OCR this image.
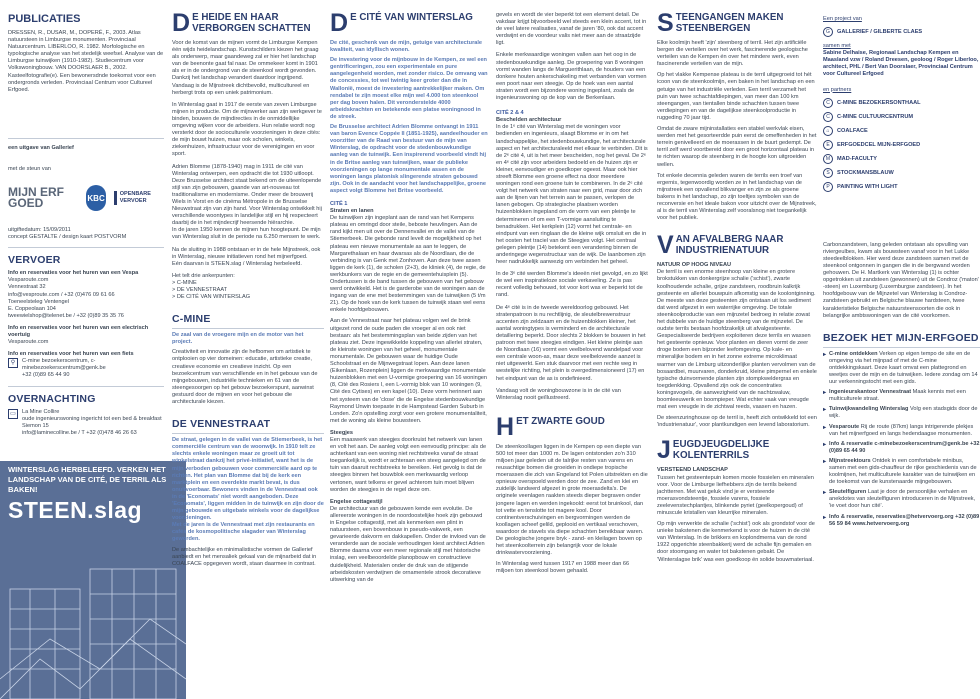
PUBLICATIES

DRESSEN, R., DUSAR, M., DOPERÉ, F., 2003. Atlas natuursteen in Limburgse monumenten. Provinciaal Natuurcentrum. LIBERLOO, R. 1982. Morfologische en typologische analyse van het stedelijk weefsel. Analyse van de Limburgse tuinwijken (1910-1982). Studiecentrum voor Volkswoningbouw. VAN DOORSLAER B., 2002. Kasteelfotografie(e). Een bewonersdnde toekomst voor een ondergronds verleden. Provinciaal Centrum voor Cultureel Erfgoed.

een uitgave van Gallerief

met de steun van

MIJN ERF GOED	KBC	OPENBARE VERVOER

uitgiftedatum: 15/09/2011

concept GESTALTE / design kaart POSTVORM

VERVOER

Info en reservaties voor het huren van een Vespa

Vesparoute.com
Vennestraat 32
info@vesproute.com / +32 (0)476 09 61 66

Toeneelsteleg Ventengel
E. Coppeolaan 104
tweewielshop@telenet.be / +32 (0)89 35 35 76

Info en reservaties voor het huren van een electrisch voertuig

Vesparoute.com

Info en reservaties voor het huren van een fiets

⚲	C-mine bezoekerscentrum, c-minebezoekerscentrum@genk.be
+32 (0)89 65 44 90

OVERNACHTING
▭	La Mine Collire
oude ingenieurswoning ingericht tot een bed & breakfast
Siemon 15
info@laminecolline.be / T +32 (0)478 46 26 63

WINTERSLAG HERBELEEFD. VERKEN HET LANDSCHAP VAN DE CITÉ, DE TERRIL ALS BAKEN!
STEEN.slag
D E HEIDE EN HAAR VERBORGEN SCHATTEN

Voor de komst van de mijnen vormt de Limburgse Kempen één wijds heidelandschap. Kunstschilders kiezen het graag als onderwerp, maar gaandeweg zal er hier het landschap van de beenonte gaat fal naar. De ommekeer komt in 1901 als er in de ondergrond van de steenkool wordt gevonden. Dankzij het landschap verandert daardoor ingrijpend. Vandaag is de Mijnstreek dichtbevolkt, multicultureel en herbergt trots op een uniek patrimonium.

In Winterslag gaat in 1917 de eerste van zeven Limburgse mijnen in productie. Om de mijnwerker aan zijn werkgever te binden, bouwen de mijndirecties in de onmiddellijke omgeving wijken voor de arbeiders. Hun relatie wordt nog versterkt door de socioculturele voorzieningen in deze cités: de mijn bouwt huizen, maar ook scholen, winkels, ziekenhuizen, infrastructuur voor de verenigingen en voor sport.

Adrien Blomme (1878-1940) mag in 1911 de cité van Winterslag ontwerpen, een opdracht die tot 1930 uitloopt. Deze Brusselse architect staat bekend om de uiteenlopende stijl van zijn gebouwen, gaande van art-nouveau tot traditionalisme en modernisme. Onder meer de brouwerij Wiels in Vorst en de cinéma Métropole in de Brusselse Nieuwstraat zijn van zijn hand. Voor Winterslag ontwikkelt hij verschillende woontypes in landelijke stijl en hij respecteert daarbij de in het mijndecrijf heersende hiërarchie.

In de jaren 1950 kennen de mijnen hun hoogtepunt. De mijn van Winterslag sluit in de periode na 6.250 mensen te werk.

Na de sluiting in 1988 ontstaan er in de hele Mijnstreek, ook in Winterslag, nieuwe initiatieven rond het mijnerfgoed.

Eén daarvan is STEEN.slag / Winterslag herbeleefd.

Het telt drie ankerpunten:

> C-MINE
> DE VENNESTRAAT
> DE CITÉ VAN WINTERSLAG
C-MINE

De zaal van de vroegere mijn en de motor van het project.

Creativiteit en innovatie zijn de hefbomen om artistiek te ontplooien op vier domeinen: educatie, artistieke creatie, creatieve economie en creatieve inzicht. Op een bezoekcentrum van verschillende en in het gebouw van de mijngebouwen, industriële technieken en 61 van de steengesoorgen op het gebouw bezoekerspunt, aanwinst gestuurd door de mijnen en voor het gebouw die architecturale kiezen.

DE VENNESTRAAT

De straat, gelegen in de vallei van de Stiemerbeek, is het commerciële centrum van de woonwijk. In 1910 telt ze slechts enkele woningen maar ze groeit uit tot winkelstraat dankzij het privé-initiatief, want het is de mijn verboden gebouwen voor commerciële aard op te richten. Het plan van Blomme dat bij de kerk een marktplein en een overdekte markt bevat, is dus onuitvoerbaar. Bewoners vinden in de Vennestraat ook in de 'Economats' niet wordt aangeboden. Deze 'Economats', liggen midden in de tuinwijk en zijn door de mijn gebouwde en uitgebate winkels voor de dagelijkse voorzieningen.

Met de jaren is de Vennestraat met zijn restaurants en cafés de kosmopolitische slagader van Winterslag geworden.

De ambachtelijke en minimalistische vormen de Gallerief aanbiedt en het mensaliek gekaal van de mijnarbeid dat in COALFACE opgegeven wordt, staan daarmee in contrast.

D E CITÉ VAN WINTERSLAG

De cité, geschenk van de mijn, getuige van architecturale kwaliteit, van idyllisch wonen.

De investering voor de mijnbouw in de Kempen, ze wel een gentrificeringen, zou een experimentale en pure aangelegenheid worden, met zonder risico. De omvang van de concessies, tot wel twintig keer groter dan die in Wallonië, moest de investering aantrekkelijker maken. Om rendabel te zijn moest elke mijn wel 4.000 ton steenkool per dag boven halen. Dit veronderstelde 4000 arbeidskrachten en betekende een platse woningnood in de streek.

De Brusselse architect Adrien Blomme ontvangt in 1911 van baron Evence Coppée II (1851-1925), aandeelhouder en voorzitter van de Raad van bestuur van de mijn van Winterslag, de opdracht voor de stedenbouwkundige aanleg van de tuinwijk. Een inspirerend voorbeeld vindt hij in de Britse aanleg van tuinwijken, waar de publieke voorzieningen op lange monumentale assen en de woningen langs platonisk slingerende straten gebouwd zijn. Ook in de aandacht voor het landschappelijke, groene aspect volgt Blomme het Britse voorbeeld.

CITÉ 1

Straten en lanen

De tuinwijken zijn ingeplant aan de rand van het Kempens plateau en omringd door steile, beboste heuvlingen. Aan de rand kijkt men uit over de Dennenvallei en de vallei van de Stiemerbeek. Die gebonde rand levelt de mogelijkheid op het plateau een nieuwe monumentale as aan te leggen, de Margarethalaan en haar dwarsas als de Noordlaan, die de verbinding is van Genk met Zonhoven. Aan deze twee assen liggen de kerk (1), de scholen (2+3), de kliniek (4), de regie, de werkbunkers van de regie en de gemeentehuisplein (5). Ondertussen is de band tussen de gebouwen van het gebouw werd ontwikkeld. Het is de garderobe van de woningen aan de ingang van de ene met bestemmingen van de tuinwijken (5 t/m 21). Op de hoek van de kerk tussen de tuinwijk staan wel eens enkele hoofdgebouwen.

Aan de Vennestraat naar het plateau volgen wel de brink uitgezet rond de oude paden die vroeger al en ook niet bestaan: als het bestemmingsplan van beide zijden van het plateau ziet. Deze ingewikkelde koppeling van allerlei straten, de kleinste woningen van het geheel, monumentale monumentale. De gebouwen waar de huidige Oude Schoolstraat en de Mijnwegstraat lopen. Aan deze lanen (Eikenlaan, Rozenplein) liggen de merkwaardige monumentale huizenblokken met een U-vormige groepering van 16 woningen (8, Cité des Rosiers I, een L-vormig blok van 10 woningen (9, Cité des Cytises) en een kapel (10). Deze vorm herinnert aan het systeem van de 'close' die de Engelse stedenbouwkundige Raymond Unwin toepaste in de Hampstead Garden Suburb in Londen. Zo'n opstelling zorgt voor een grotere monumentaliteit, met de woning als kleine bouwsteen.

Steegjes

Een maaswerk van steegjes doorkruist het netwerk van lanen en volt het aan. De aanleg volgt een eenvoudig principe: als de achterkant van een woning niet rechtstreeks vanaf de straat toegankelijk is, wordt er achteraan een steeg aangelegd om de tuin van daaruit rechtstreeks te bereiken. Het gevolg is dat de steegjes binnen het bouwblok een merkwaardig verloop vertonen, want telkens er gevel achterom tuin moet blijven worden de steegjes in de regel deze om.

Engelse cottagestijl

De architectuur van de gebouwen kende een evolutie. De allereerste woningen in de noordoostelijke hoek zijn gebouwd in Engelse cottagestijl, met als kenmerken een plint in natuursteen, een bovenbouw in pseudo-vakwerk, een gevarieerde dakvorm en dakkapellen. Onder de invloed van de veranderde aan de sociale verhoudingen kiest architect Adrien Blomme daarna voor een meer regionale stijl met historische inslag, een veelbeoordelde planopbouw en constructieve duidelijkheid. Materialen onder de druk van de stijgende arbeidskosten verdwijnen de ornamentele strook decoratieve uitwerking van de

gevels en wordt de vier beperkt tot een element detail. De vakdaar krijgt bijvoorbeeld wel steeds een klein accent, tot in de veel latere realisaties, vanaf de jaren '80, ook dat accent verdwijnt en de voordeur valis niet meer aan de straatzijde ligt.

Enkele merkwaardige woningen vallen aan het oog in de stedenbouwkundige aanleg. De groepering van 8 woningen vormt wanden langs de Marguerithlaan, de houders van een donkere houten ankerschakeling met verbanden van vormen een poort naar een steegje. Op de hoek van een aantal straten wordt een bijzondere woning ingeplant, zoals de ingenieurswoning op de kop van de Berkenlaan.

CITÉ 2 & 4

Beschelden architectuur

In de 1ᵉ cité van Winterslag met de woningen voor bedienden en ingenieurs, slaagt Blomme er in om het landschappelijke, het stedenbouwkundige, het architecturale aspect en het architecturaleeld met elkaar te verbinden. Dit is de 2ᵉ cité 4, uit is het meer bescheiden, nog het geval. De 2ᵉ en 4ᵉ cité zijn voor arbeiders bedoeld en de huizen zijn er kleiner, eenvoudiger en goedkoper ogeest. Maar ook hier streeft Blomme een groene effect na door meerdere woningen rond een groene tuin te combineren. In de 2ᵉ cité volgt het netwerk van straten naar een grid, maar door zich aan de lijnen van het terrein aan te passen, verlopen de lanen gebogen. Op strategische plaatsen worden huizenblokken ingepland om de vorm van een pleintje te determineren of om een T-vormige aansluiting te benadrukken. Het kerkplein (12) vormt het centrale- en eindpunt van een ringlaan die de kleine wijk omsluit en die in het oosten het traciel van de Steegjes volgt. Het centraal gelegen pleintje (14) betekent een verandering binnen de anderingege wegenstructuur van de wijk. De laanbomen zijn heer nadrukkelijk aanwezig om verbinden het geheel.

In de 3ᵉ cité werden Blomme's ideeën niet gevolgd, en zo lijkt de wel een inspiratieloze sociale verkaveling. Ze is pas recent volledig behouwd, tot voor kort was er beperkt tot de rand.

De 4ᵉ cité is in de tweede wereldoorlog gebouwd. Het stratenpatroon is nu rechtlijnig, de sleutelbrewenstruur accenten zijn zeldzaam en de huizenblokken kleiner, het aantal woningtypes is verminderd en de architecturale detaillering beperkt. Door slechts 2 blokken te bouwen in het patroon met twee steegjes eindigen. Het kleine pleintje aan de Noordlaan (16) vormt een veelbelovend wandelpad voor een centrale woon-as, maar deze veelbelovende aanzet is niet uitgewerkt. Een stuk daarvoor met een rechte weg in westelijke richting, het plein is overgedimensioneerd (17) en het eindpunt van de as is ondefinieerd.

Vandaag volt de woningbouwzone is in de cité van Winterslag nooit geïllustreerd.

H ET ZWARTE GOUD

De steenkoollagen liggen in de Kempen op een diepte van 500 tot meer dan 1000 m. De lagen ontstonden zo'n 310 miljoen jaar geleden uit de talrijke resten van varens en reusachtige bomen die groeiden in ondiepe tropische moerassen die zich van Engeland tot Polen uitstrekten en die opnieuw overspoeld werden door de zee. Zand en klei en zuidelijk landwerd afgezet in grote moerasdelta's. De originele veenlagen raakten steeds dieper begraven onder jongere lagen en werden ingekoold: eerst tot bruinkool, dan tot vette en tenslotte tot magere kool. Door continentverschuivingen en bergvormingen werden de koollagen scheef gelild, geplooid en vertikaal verschoven, waardoor de stavels via diepe schachten bereikbaar waren. De geologische jongere bryk - zand- en kleilagen boven op het steenkoolterrein zijn belangrijk voor de lokale drinkwatervoorziening.

In Winterslag werd tussen 1917 en 1988 meer dan 66 miljoen ton steenkool boven gehaald.

S TEENGANGEN MAKEN STEENBERGEN

Elke koolmijn heeft 'zijn' steenberg of terril. Het zijn artificiële bergen die verteilen over het werk, fascinerende geologische verteilen van de Kempen én over het mindere werk, even fascinerende verteilen van de mijn.

Op het vlakke Kempense plateau is de terril uitgegroeid tot hét icoon van de steenkoolmijn, een baken in het landschap en een getuige van het industriële verleden. Een terril verzamelt het puin van twee schachtafdiepingen, van meer dan 100 km steengangen, van tientallen binde schachten tussen twee verdiepingen en van de dagelijkse steenkoolproductie in ruggeding 70 jaar tijd.

Omdat de zware mijninstallaties een stabiel werkvlak eisen, werden met het gesorteerdde puin eerst de omeffenheden in het terrein genivelleerd en de moerassen in de buurt gedempt. De terril zelf werd voortbereid door een groot horizontaal plateau in te richten waarop de steenberg in de hoogte kon uitgroeiden wellen.

Tot enkele decennia geleden waren de terrils een troef van ergernis, tegenwoordig worden ze in het landschap van de mijnstreek een opvallend blikvanger en zijn ze als groene bakens in het landschap, zo zijn toeltjes symbolen van de reconversie en het ideale bakon voor uitzicht over de Mijnstreek, al is de terril van Winterslag zelf vooralsnog niet toegankelijk voor het publiek.

V AN AFVALBERG NAAR INDUSTRIENATUUR

NATUUR OP HOOG NIVEAU

De terril is een enorme steenhoop van kleine en grotere brokstukken van donkergrijze schalie ('schist'), zwarte koolhoudende schalie, grijze zandsteen, roodbruin kalkrijk gesteente en allerlei bouwpuin afkomstig van de koolontginning. De meeste van deze gesteenten zijn ontstaan uit los sediment dat werd afgezet in een waterrijke omgeving. De totale steenkoolproductie van een mijnzetel bedroeg in relatie zowat het dubbele van de huidige steenberg van de mijnzetel. De oudste terrils bestaan hoofdzakelijk uit afvalgesteente. Gespecialiseerde bedrijven exploiteren deze terrils en wassen het gesteente opnieuw. Voor planten en dieren vormt de zeer droge bodem een bijzonder leefomgeving. Op kale- en mineralijke bodem en in het zonne extreme microklimaat warmer van de Limburg uitzonderlijke planten vervolmen van de bosaardbei, muurvaren, donderkruid, kleine pimpernel en enkele typische duinvormende planten zijn stompkweldergras en toegdenkking. Opvallend zijn ook de concentraties koningsvogels, de aanwezigheid van de nachtzwaluw, boomleeuwerik en boompieper. Wat echter vaak van vreugde mat een vreugde in de zichtwal reeds, vaasen en hazen.

De steenzuringhouse op de terril is, heeft zich ontwikkeld tot een 'industrienatuur', voor plantkundigen een levend laboratorium.

J EUGDJEUGDELIJKE KOLENTERRILS

VERSTEEND LANDSCHAP

Tussen het gesteentepuin komen mooie fossielen en mineralen voor. Voor de Limburge liefhebbers zijn de terrils bekend jachtterren. Met wat geluk vind je er versteende moerasvondsteentje, fossiele varens, fossiele zeelevenstechplantjes, blinkende pyriet (geelkopergoud) of minuscule kristallen van kleurrijke mineralen.

Op mijn verwerkte de schalie ('schist') ook als grondstof voor de unieke bakstenen die kenmerkend is voor de huizen in de cité van Winterslag. In de brikkers en koplondmerna van de rond 1922 opgerichte steenbakkerij werd de schalie fijn gemalen en door stoomgang en water tot bakstenen gebakt. De 'Winterslagse brik' was een goedkoop én solide bouwmateriaal.

Een project van

G	GALLERIEF / GILBERTE CLAES

samen met

Sabine Delhaise, Regionaal Landschap Kempen en Maasland vzw / Roland Dreesen, geoloog / Roger Liberloo, architect, PHL / Bert Van Doorslaer, Provinciaal Centrum voor Cultureel Erfgoed

en partners

C	C-MINE BEZOEKERSONTHAAL
C	C-MINE CULTUURCENTRUM
⌂	COALFACE
E	ERFGOEDCEL MIJN-ERFGOED
M	MAD-FACULTY
S	STOCKMANSBLAUW
P	PAINTING WITH LIGHT

Carbonzandsteen, lang geleden ontstaan als opvulling van riviergeulbes, kwam als bouwsteen vanaf voor in het Lukke steedeelblokken. Hier werd deze zandsteen samen met de steenkool ontgonnen in gangen die in de bergwand worden gehouwen. De H. Martkerk van Winterslag (1) is ochter opgetrokken uit zandsteen (gewonnen) uit de Condroz ('maton' -steen) en Luxemburg (Luxemburgse zandsteen). In het hoofdgebouw van de Mijnzetel van Winterslag is Condroz-zandsteen gebruikt en Belgische blauwe hardsteen, twee karakteristieke Belgische natuursteensoorten die ook in belangrijke ambtswoningen van de cité voorkomen.

BEZOEK HET MIJN-ERFGOED
▸ C-mine ontdekken Verken op eigen tempo de site en de omgeving via het mijnpad of met de C-mine ontdekkingskaart. Deze kaart omvat een plattegrond en weetjes over de mijn en de tuinwijken. Iedere zondag om 14 uur verkenningstocht met een gids.

▸ Ingenieurskantoor Vennestraat Maak kennis met een multiculturele straat.

▸ Tuinwijkwandeling Winterslag Volg een stadsgids door de wijk.

▸ Vesparoute Rij de route (87km) langs intrigerende plekjes van het mijnerfgoed en langs hedendaagse monumenten.

▸ Info & reservatie c-minebezoekerscentrum@genk.be +32 (0)89 65 44 90

▸ Mijnstreektours Ontdek in een comfortabele minibus, samen met een gids-chauffeur de rijke geschiedenis van de koolmijnen, het multiculturele karakter van de tuinwijken en de toekomst van de kunstenaarde mijngebouwen.

▸ Sleutelfiguren Laat je door de persoonlijke verhalen en anekdotes van sleutelfiguren introduceren in de Mijnstreek, 'ie voet door hun cité'.

▸ Info & reservatie, reservaties@hetvervoerg.org +32 (0)89 56 59 84 www.hetvervoerg.org
